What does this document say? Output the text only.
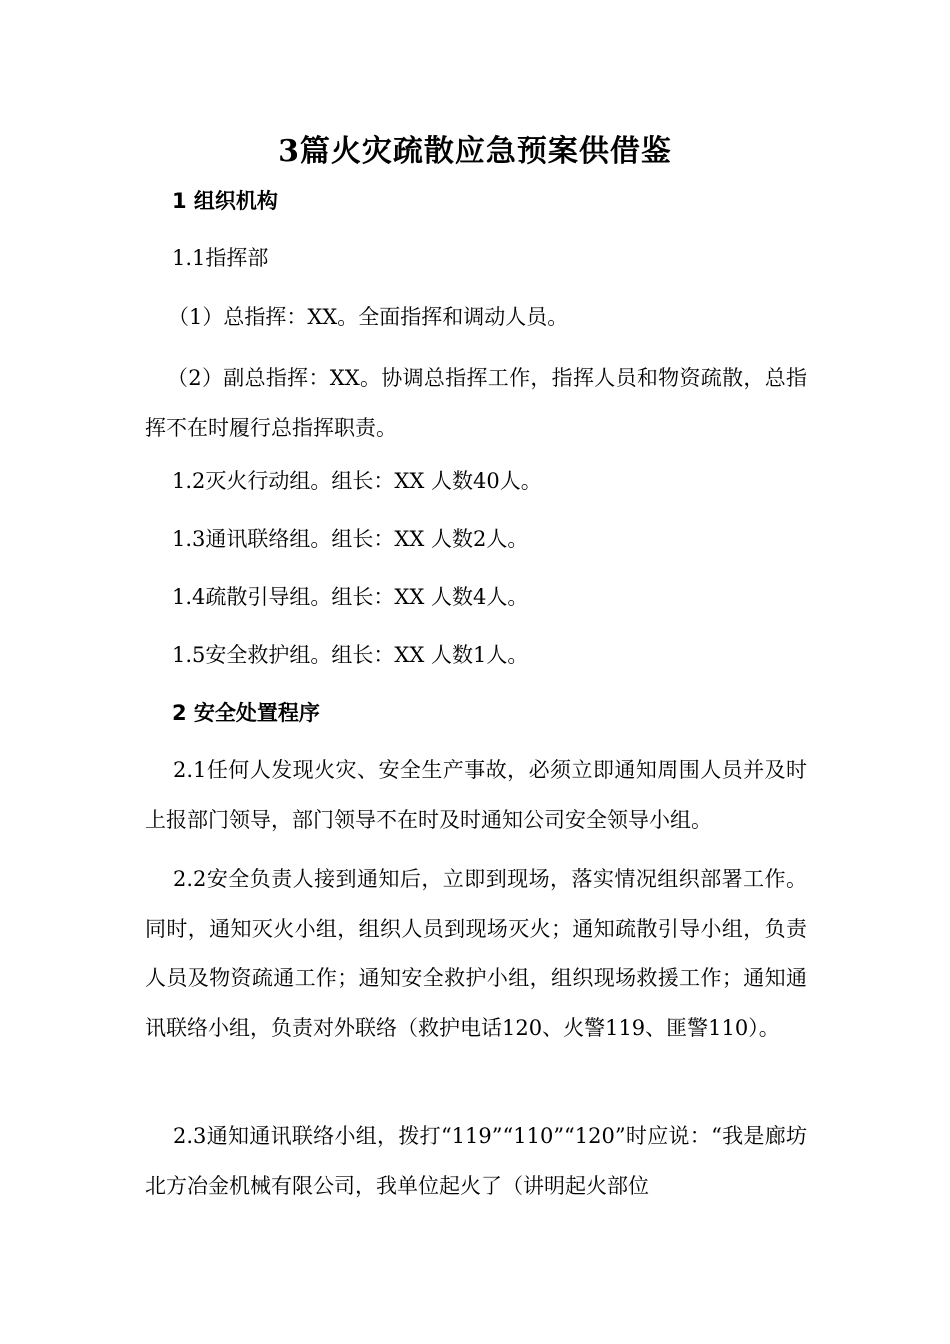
3篇火灾疏散应急预案供借鉴
1 组织机构
1.1指挥部
（1）总指挥：XX。全面指挥和调动人员。
（2）副总指挥：XX。协调总指挥工作，指挥人员和物资疏散，总指挥不在时履行总指挥职责。
1.2灭火行动组。组长：XX 人数40人。
1.3通讯联络组。组长：XX 人数2人。
1.4疏散引导组。组长：XX 人数4人。
1.5安全救护组。组长：XX 人数1人。
2 安全处置程序
2.1任何人发现火灾、安全生产事故，必须立即通知周围人员并及时上报部门领导，部门领导不在时及时通知公司安全领导小组。
2.2安全负责人接到通知后，立即到现场，落实情况组织部署工作。同时，通知灭火小组，组织人员到现场灭火；通知疏散引导小组，负责人员及物资疏通工作；通知安全救护小组，组织现场救援工作；通知通讯联络小组，负责对外联络（救护电话120、火警119、匪警110）。
2.3通知通讯联络小组，拨打“119”“110”“120”时应说：“我是廊坊北方冶金机械有限公司，我单位起火了（讲明起火部位
